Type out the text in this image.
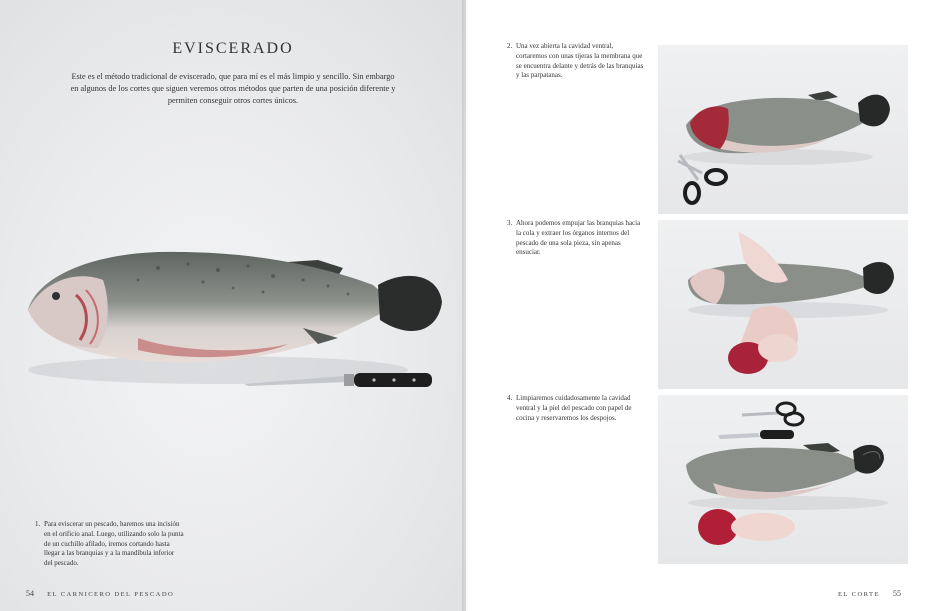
EVISCERADO
Este es el método tradicional de eviscerado, que para mí es el más limpio y sencillo. Sin embargo en algunos de los cortes que siguen veremos otros métodos que parten de una posición diferente y permiten conseguir otros cortes únicos.
1. Para eviscerar un pescado, haremos una incisión en el orificio anal. Luego, utilizando solo la punta de un cuchillo afilado, iremos cortando hasta llegar a las branquias y a la mandíbula inferior del pescado.
54 EL CARNICERO DEL PESCADO
2. Una vez abierta la cavidad ventral, cortaremos con unas tijeras la membrana que se encuentra delante y detrás de las branquias y las parpatanas.
3. Ahora podemos empujar las branquias hacia la cola y extraer los órganos internos del pescado de una sola pieza, sin apenas ensuciar.
4. Limpiaremos cuidadosamente la cavidad ventral y la piel del pescado con papel de cocina y reservaremos los despojos.
EL CORTE 55
